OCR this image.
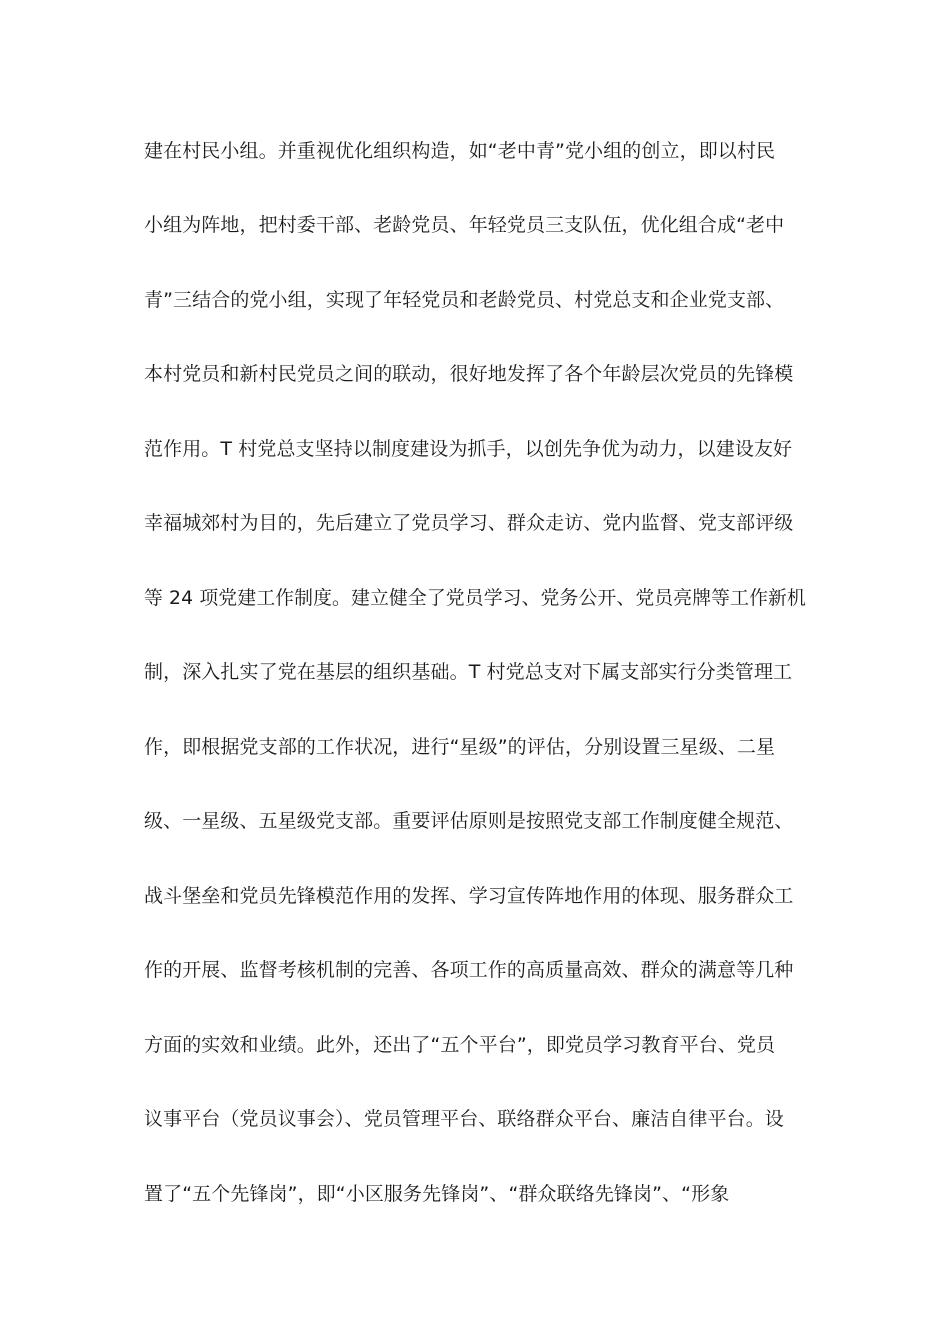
建在村民小组。并重视优化组织构造，如“老中青”党小组的创立，即以村民
小组为阵地，把村委干部、老龄党员、年轻党员三支队伍，优化组合成“老中
青”三结合的党小组，实现了年轻党员和老龄党员、村党总支和企业党支部、
本村党员和新村民党员之间的联动，很好地发挥了各个年龄层次党员的先锋模
范作用。T 村党总支坚持以制度建设为抓手，以创先争优为动力，以建设友好
幸福城郊村为目的，先后建立了党员学习、群众走访、党内监督、党支部评级
等 24 项党建工作制度。建立健全了党员学习、党务公开、党员亮牌等工作新机
制，深入扎实了党在基层的组织基础。T 村党总支对下属支部实行分类管理工
作，即根据党支部的工作状况，进行“星级”的评估，分别设置三星级、二星
级、一星级、五星级党支部。重要评估原则是按照党支部工作制度健全规范、
战斗堡垒和党员先锋模范作用的发挥、学习宣传阵地作用的体现、服务群众工
作的开展、监督考核机制的完善、各项工作的高质量高效、群众的满意等几种
方面的实效和业绩。此外，还出了“五个平台”，即党员学习教育平台、党员
议事平台（党员议事会）、党员管理平台、联络群众平台、廉洁自律平台。设
置了“五个先锋岗”，即“小区服务先锋岗”、“群众联络先锋岗”、“形象
